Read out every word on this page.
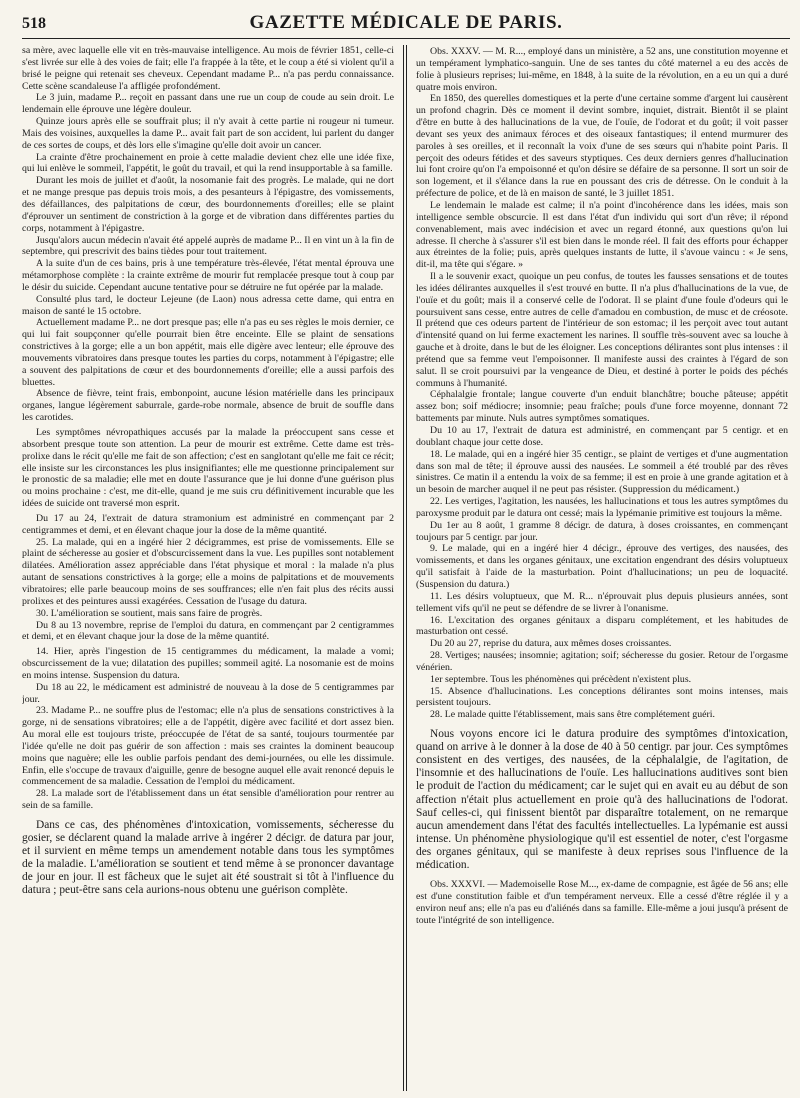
518	GAZETTE MÉDICALE DE PARIS.

sa mère, avec laquelle elle vit en très-mauvaise intelligence. Au mois de février 1851, celle-ci s'est livrée sur elle à des voies de fait; elle l'a frappée à la tête, et le coup a été si violent qu'il a brisé le peigne qui retenait ses cheveux. Cependant madame P... n'a pas perdu connaissance. Cette scène scandaleuse l'a affligée profondément.

Le 3 juin, madame P... reçoit en passant dans une rue un coup de coude au sein droit. Le lendemain elle éprouve une légère douleur.

Quinze jours après elle se souffrait plus; il n'y avait à cette partie ni rougeur ni tumeur. Mais des voisines, auxquelles la dame P... avait fait part de son accident, lui parlent du danger de ces sortes de coups, et dès lors elle s'imagine qu'elle doit avoir un cancer.

La crainte d'être prochainement en proie à cette maladie devient chez elle une idée fixe, qui lui enlève le sommeil, l'appétit, le goût du travail, et qui la rend insupportable à sa famille.

Durant les mois de juillet et d'août, la nosomanie fait des progrès. Le malade, qui ne dort et ne mange presque pas depuis trois mois, a des pesanteurs à l'épigastre, des vomissements, des défaillances, des palpitations de cœur, des bourdonnements d'oreilles; elle se plaint d'éprouver un sentiment de constriction à la gorge et de vibration dans différentes parties du corps, notamment à l'épigastre.

Jusqu'alors aucun médecin n'avait été appelé auprès de madame P... Il en vint un à la fin de septembre, qui prescrivit des bains tièdes pour tout traitement.

A la suite d'un de ces bains, pris à une température très-élevée, l'état mental éprouva une métamorphose complète : la crainte extrême de mourir fut remplacée presque tout à coup par le désir du suicide. Cependant aucune tentative pour se détruire ne fut opérée par la malade.

Consulté plus tard, le docteur Lejeune (de Laon) nous adressa cette dame, qui entra en maison de santé le 15 octobre.

Actuellement madame P... ne dort presque pas; elle n'a pas eu ses règles le mois dernier, ce qui lui fait soupçonner qu'elle pourrait bien être enceinte. Elle se plaint de sensations constrictives à la gorge; elle a un bon appétit, mais elle digère avec lenteur; elle éprouve des mouvements vibratoires dans presque toutes les parties du corps, notamment à l'épigastre; elle a souvent des palpitations de cœur et des bourdonnements d'oreille; elle a aussi parfois des bluettes.

Absence de fièvre, teint frais, embonpoint, aucune lésion matérielle dans les principaux organes, langue légèrement saburrale, garde-robe normale, absence de bruit de souffle dans les carotides.

Les symptômes névropathiques accusés par la malade la préoccupent sans cesse et absorbent presque toute son attention. La peur de mourir est extrême. Cette dame est très-prolixe dans le récit qu'elle me fait de son affection; c'est en sanglotant qu'elle me fait ce récit; elle insiste sur les circonstances les plus insignifiantes; elle me questionne principalement sur le pronostic de sa maladie; elle met en doute l'assurance que je lui donne d'une guérison plus ou moins prochaine : c'est, me dit-elle, quand je me suis cru définitivement incurable que les idées de suicide ont traversé mon esprit.

Du 17 au 24, l'extrait de datura stramonium est administré en commençant par 2 centigrammes et demi, et en élevant chaque jour la dose de la même quantité.

25. La malade, qui en a ingéré hier 2 décigrammes, est prise de vomissements. Elle se plaint de sécheresse au gosier et d'obscurcissement dans la vue. Les pupilles sont notablement dilatées. Amélioration assez appréciable dans l'état physique et moral : la malade n'a plus autant de sensations constrictives à la gorge; elle a moins de palpitations et de mouvements vibratoires; elle parle beaucoup moins de ses souffrances; elle n'en fait plus des récits aussi prolixes et des peintures aussi exagérées. Cessation de l'usage du datura.

30. L'amélioration se soutient, mais sans faire de progrès.

Du 8 au 13 novembre, reprise de l'emploi du datura, en commençant par 2 centigrammes et demi, et en élevant chaque jour la dose de la même quantité.

14. Hier, après l'ingestion de 15 centigrammes du médicament, la malade a vomi; obscurcissement de la vue; dilatation des pupilles; sommeil agité. La nosomanie est de moins en moins intense. Suspension du datura.

Du 18 au 22, le médicament est administré de nouveau à la dose de 5 centigrammes par jour.

23. Madame P... ne souffre plus de l'estomac; elle n'a plus de sensations constrictives à la gorge, ni de sensations vibratoires; elle a de l'appétit, digère avec facilité et dort assez bien. Au moral elle est toujours triste, préoccupée de l'état de sa santé, toujours tourmentée par l'idée qu'elle ne doit pas guérir de son affection : mais ses craintes la dominent beaucoup moins que naguère; elle les oublie parfois pendant des demi-journées, ou elle les dissimule. Enfin, elle s'occupe de travaux d'aiguille, genre de besogne auquel elle avait renoncé depuis le commencement de sa maladie. Cessation de l'emploi du médicament.

28. La malade sort de l'établissement dans un état sensible d'amélioration pour rentrer au sein de sa famille.

Dans ce cas, des phénomènes d'intoxication, vomissements, sécheresse du gosier, se déclarent quand la malade arrive à ingérer 2 décigr. de datura par jour, et il survient en même temps un amendement notable dans tous les symptômes de la maladie. L'amélioration se soutient et tend même à se prononcer davantage de jour en jour. Il est fâcheux que le sujet ait été soustrait si tôt à l'influence du datura ; peut-être sans cela aurions-nous obtenu une guérison complète.

Obs. XXXV. — M. R..., employé dans un ministère, a 52 ans, une constitution moyenne et un tempérament lymphatico-sanguin. Une de ses tantes du côté maternel a eu des accès de folie à plusieurs reprises; lui-même, en 1848, à la suite de la révolution, en a eu un qui a duré quatre mois environ.

En 1850, des querelles domestiques et la perte d'une certaine somme d'argent lui causèrent un profond chagrin. Dès ce moment il devint sombre, inquiet, distrait. Bientôt il se plaint d'être en butte à des hallucinations de la vue, de l'ouïe, de l'odorat et du goût; il voit passer devant ses yeux des animaux féroces et des oiseaux fantastiques; il entend murmurer des paroles à ses oreilles, et il reconnaît la voix d'une de ses sœurs qui n'habite point Paris. Il perçoit des odeurs fétides et des saveurs styptiques. Ces deux derniers genres d'hallucination lui font croire qu'on l'a empoisonné et qu'on désire se défaire de sa personne. Il sort un soir de son logement, et il s'élance dans la rue en poussant des cris de détresse. On le conduit à la préfecture de police, et de là en maison de santé, le 3 juillet 1851.

Le lendemain le malade est calme; il n'a point d'incohérence dans les idées, mais son intelligence semble obscurcie. Il est dans l'état d'un individu qui sort d'un rêve; il répond convenablement, mais avec indécision et avec un regard étonné, aux questions qu'on lui adresse. Il cherche à s'assurer s'il est bien dans le monde réel. Il fait des efforts pour échapper aux étreintes de la folie; puis, après quelques instants de lutte, il s'avoue vaincu : « Je sens, dit-il, ma tête qui s'égare. »

Il a le souvenir exact, quoique un peu confus, de toutes les fausses sensations et de toutes les idées délirantes auxquelles il s'est trouvé en butte. Il n'a plus d'hallucinations de la vue, de l'ouïe et du goût; mais il a conservé celle de l'odorat. Il se plaint d'une foule d'odeurs qui le poursuivent sans cesse, entre autres de celle d'amadou en combustion, de musc et de créosote. Il prétend que ces odeurs partent de l'intérieur de son estomac; il les perçoit avec tout autant d'intensité quand on lui ferme exactement les narines. Il souffle très-souvent avec sa louche à gauche et à droite, dans le but de les éloigner. Les conceptions délirantes sont plus intenses : il prétend que sa femme veut l'empoisonner. Il manifeste aussi des craintes à l'égard de son salut. Il se croit poursuivi par la vengeance de Dieu, et destiné à porter le poids des péchés communs à l'humanité.

Céphalalgie frontale; langue couverte d'un enduit blanchâtre; bouche pâteuse; appétit assez bon; soif médiocre; insomnie; peau fraîche; pouls d'une force moyenne, donnant 72 battements par minute. Nuls autres symptômes somatiques.

Du 10 au 17, l'extrait de datura est administré, en commençant par 5 centigr. et en doublant chaque jour cette dose.

18. Le malade, qui en a ingéré hier 35 centigr., se plaint de vertiges et d'une augmentation dans son mal de tête; il éprouve aussi des nausées. Le sommeil a été troublé par des rêves sinistres. Ce matin il a entendu la voix de sa femme; il est en proie à une grande agitation et à un besoin de marcher auquel il ne peut pas résister. (Suppression du médicament.)

22. Les vertiges, l'agitation, les nausées, les hallucinations et tous les autres symptômes du paroxysme produit par le datura ont cessé; mais la lypémanie primitive est toujours la même.

Du 1er au 8 août, 1 gramme 8 décigr. de datura, à doses croissantes, en commençant toujours par 5 centigr. par jour.

9. Le malade, qui en a ingéré hier 4 décigr., éprouve des vertiges, des nausées, des vomissements, et dans les organes génitaux, une excitation engendrant des désirs voluptueux qu'il satisfait à l'aide de la masturbation. Point d'hallucinations; un peu de loquacité. (Suspension du datura.)

11. Les désirs voluptueux, que M. R... n'éprouvait plus depuis plusieurs années, sont tellement vifs qu'il ne peut se défendre de se livrer à l'onanisme.

16. L'excitation des organes génitaux a disparu complétement, et les habitudes de masturbation ont cessé.

Du 20 au 27, reprise du datura, aux mêmes doses croissantes.

28. Vertiges; nausées; insomnie; agitation; soif; sécheresse du gosier. Retour de l'orgasme vénérien.

1er septembre. Tous les phénomènes qui précèdent n'existent plus.

15. Absence d'hallucinations. Les conceptions délirantes sont moins intenses, mais persistent toujours.

28. Le malade quitte l'établissement, mais sans être complétement guéri.

Nous voyons encore ici le datura produire des symptômes d'intoxication, quand on arrive à le donner à la dose de 40 à 50 centigr. par jour. Ces symptômes consistent en des vertiges, des nausées, de la céphalalgie, de l'agitation, de l'insomnie et des hallucinations de l'ouïe. Les hallucinations auditives sont bien le produit de l'action du médicament; car le sujet qui en avait eu au début de son affection n'était plus actuellement en proie qu'à des hallucinations de l'odorat. Sauf celles-ci, qui finissent bientôt par disparaître totalement, on ne remarque aucun amendement dans l'état des facultés intellectuelles. La lypémanie est aussi intense. Un phénomène physiologique qu'il est essentiel de noter, c'est l'orgasme des organes génitaux, qui se manifeste à deux reprises sous l'influence de la médication.

Obs. XXXVI. — Mademoiselle Rose M..., ex-dame de compagnie, est âgée de 56 ans; elle est d'une constitution faible et d'un tempérament nerveux. Elle a cessé d'être réglée il y a environ neuf ans; elle n'a pas eu d'aliénés dans sa famille. Elle-même a joui jusqu'à présent de toute l'intégrité de son intelligence.
